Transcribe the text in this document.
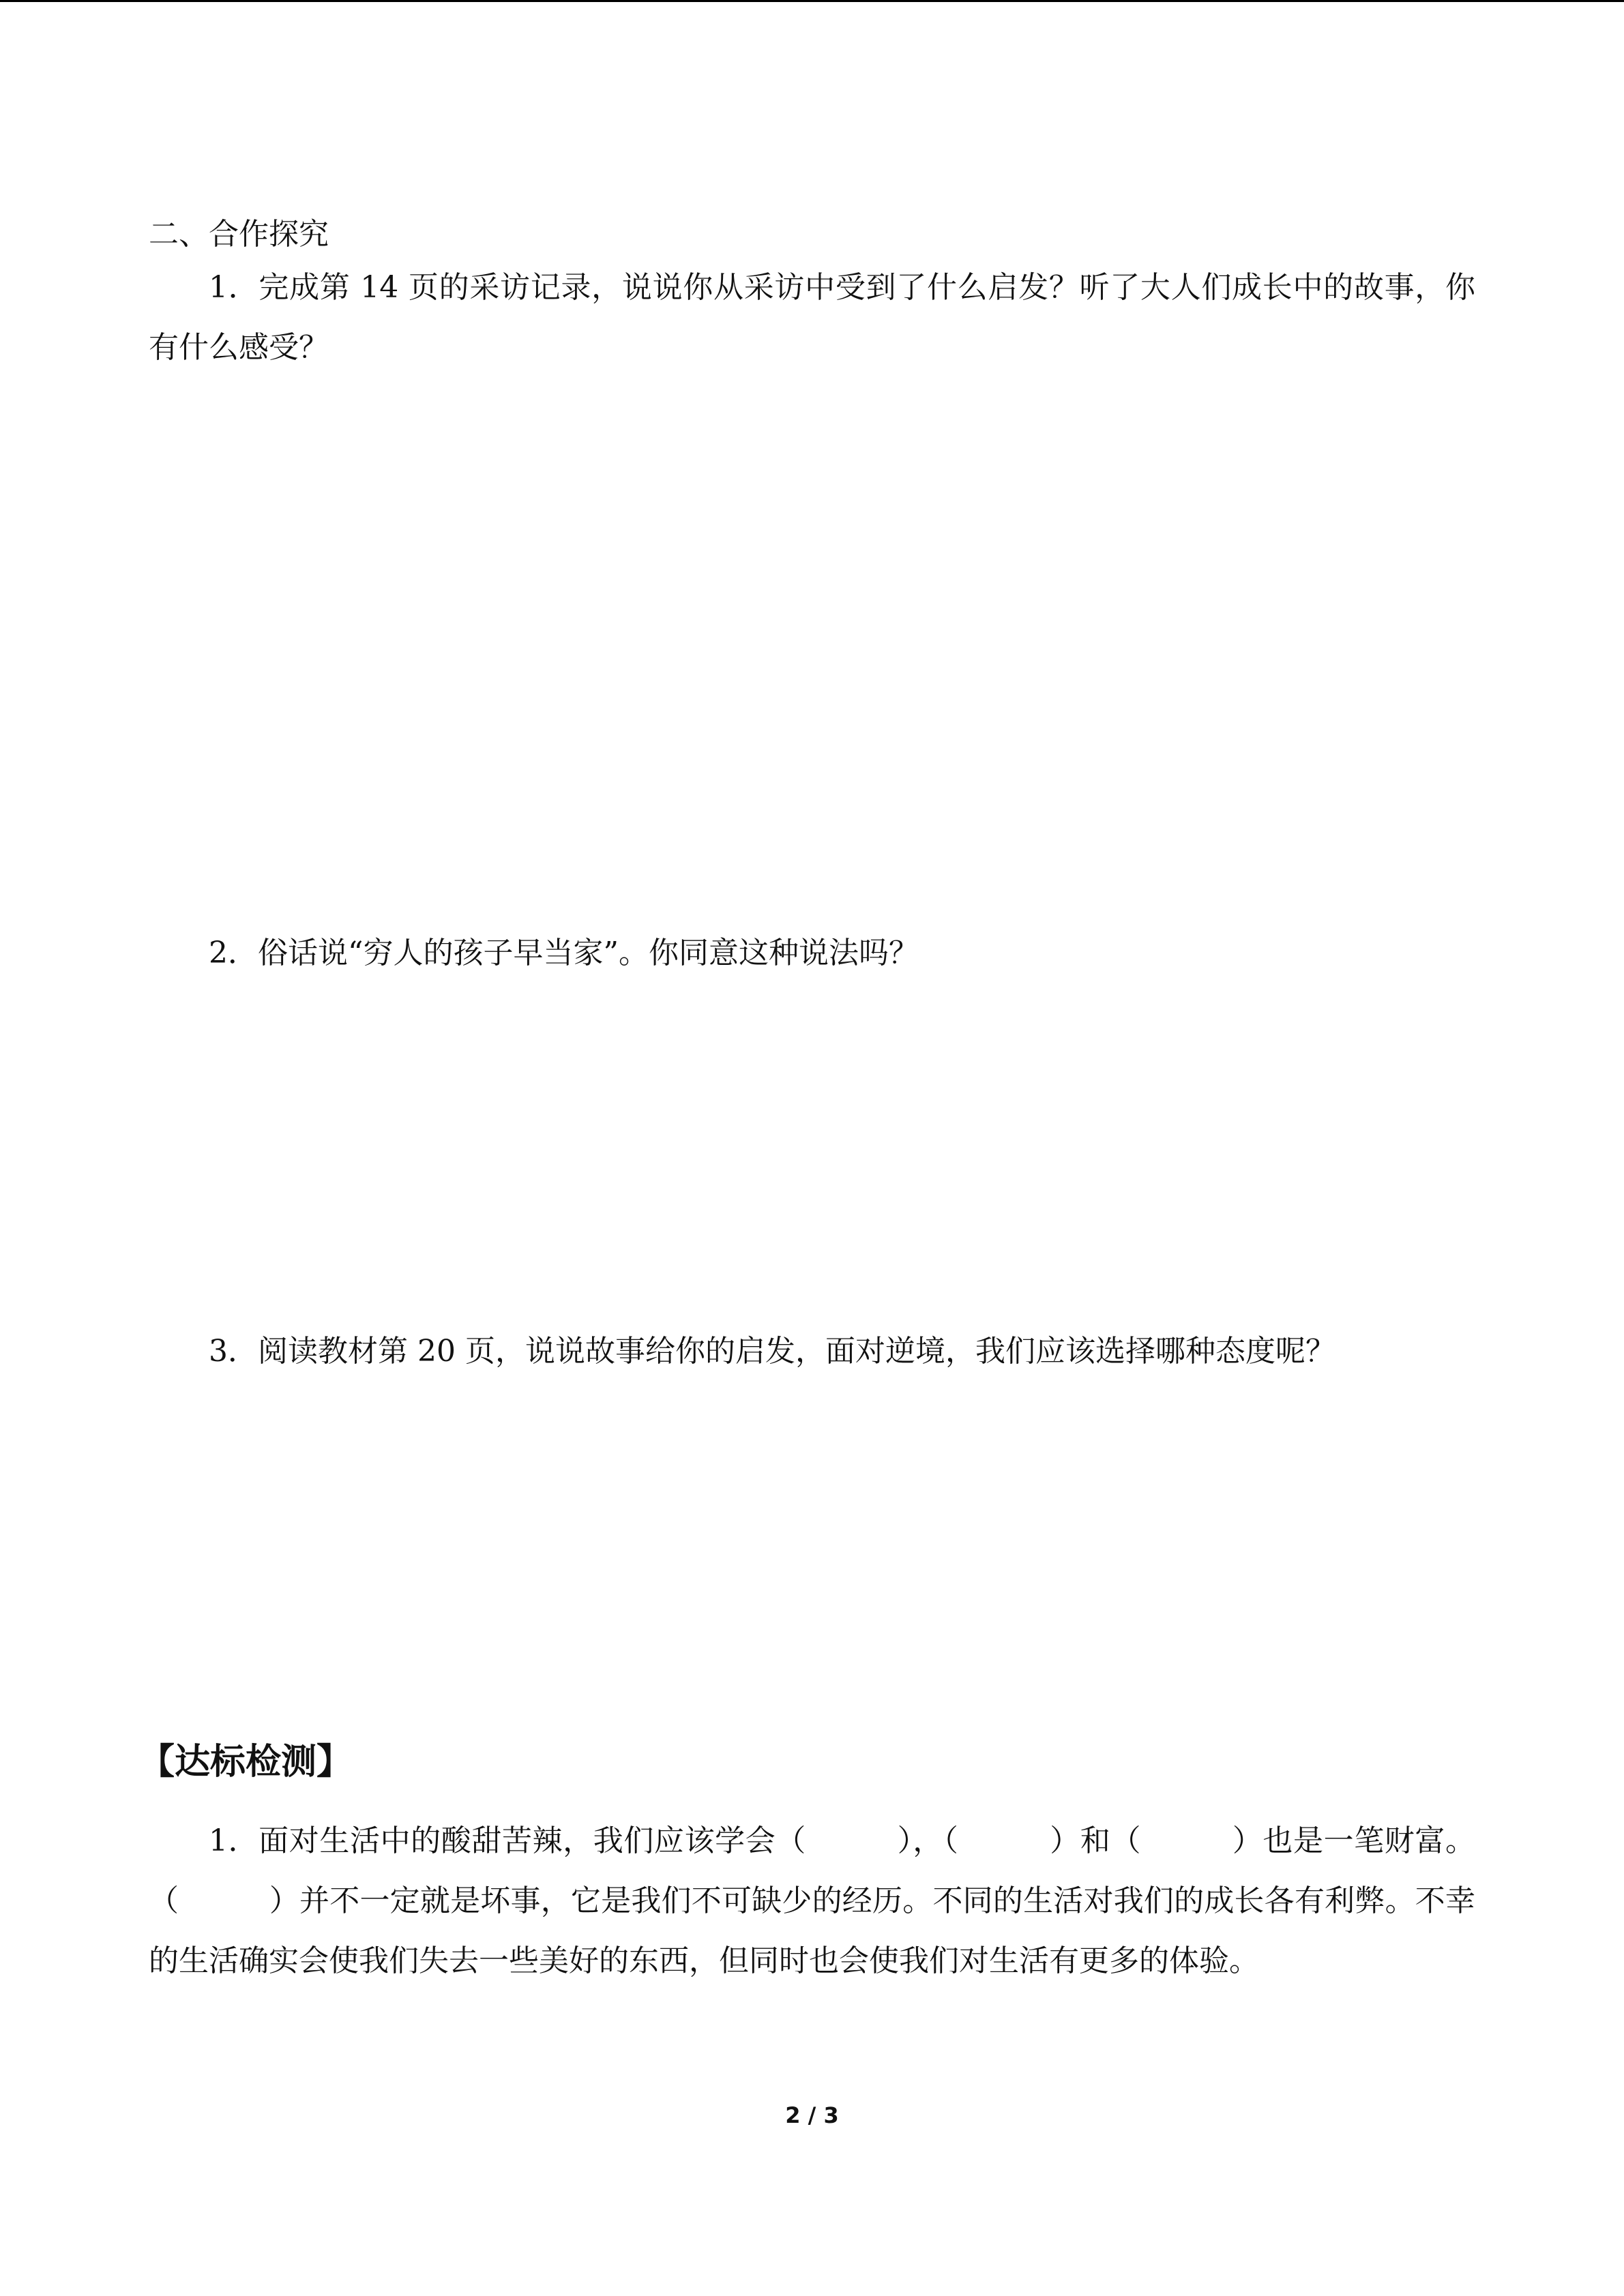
二、合作探究

1．完成第 14 页的采访记录，说说你从采访中受到了什么启发？听了大人们成长中的故事，你有什么感受？

2．俗话说“穷人的孩子早当家”。你同意这种说法吗？

3．阅读教材第 20 页，说说故事给你的启发，面对逆境，我们应该选择哪种态度呢？

【达标检测】

1．面对生活中的酸甜苦辣，我们应该学会（　　　），（　　　）和（　　　）也是一笔财富。（　　　）并不一定就是坏事，它是我们不可缺少的经历。不同的生活对我们的成长各有利弊。不幸的生活确实会使我们失去一些美好的东西，但同时也会使我们对生活有更多的体验。

2 / 3
